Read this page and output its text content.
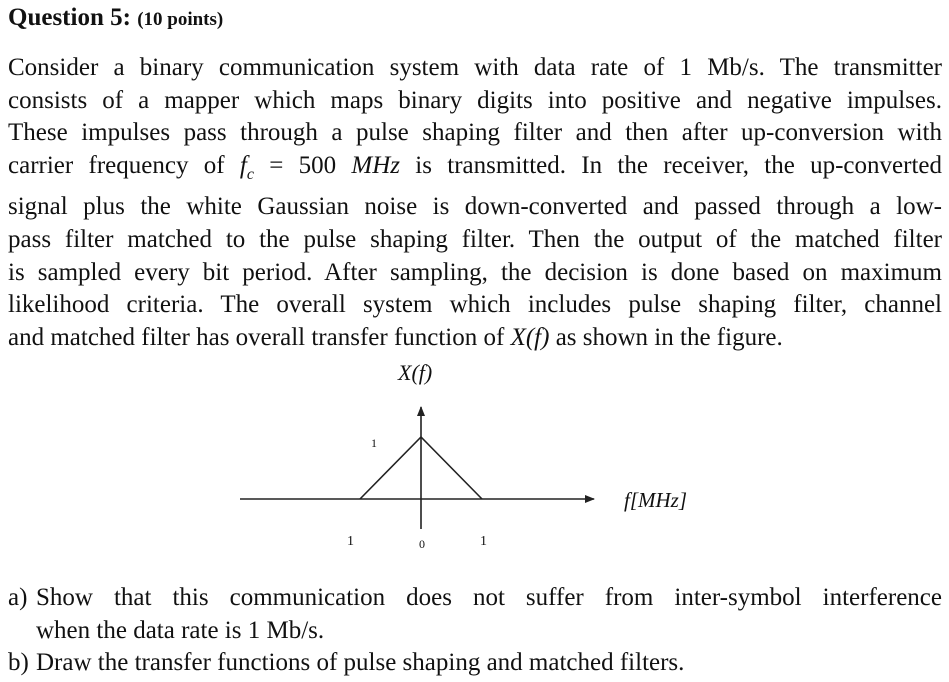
Question 5: (10 points)
Consider a binary communication system with data rate of 1 Mb/s. The transmitter
consists of a mapper which maps binary digits into positive and negative impulses.
These impulses pass through a pulse shaping filter and then after up-conversion with
carrier frequency of $f_c = 500$ MHz is transmitted. In the receiver, the up-converted
signal plus the white Gaussian noise is down-converted and passed through a low-
pass filter matched to the pulse shaping filter. Then the output of the matched filter
is sampled every bit period. After sampling, the decision is done based on maximum
likelihood criteria. The overall system which includes pulse shaping filter, channel
and matched filter has overall transfer function of X(f) as shown in the figure.
X(f)
1
1	0	1
f[MHz]
a) Show that this communication does not suffer from inter-symbol interference
when the data rate is 1 Mb/s.
b) Draw the transfer functions of pulse shaping and matched filters.
